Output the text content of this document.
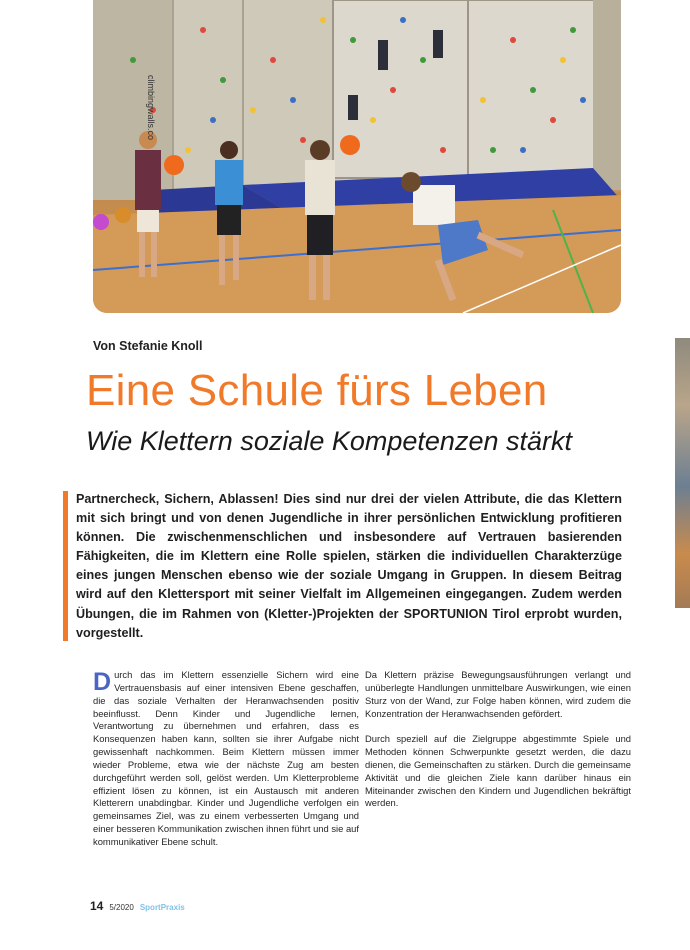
climbingwalls.co
Von Stefanie Knoll
Eine Schule fürs Leben
Wie Klettern soziale Kompetenzen stärkt

Partnercheck, Sichern, Ablassen! Dies sind nur drei der vielen Attribute, die das Klettern mit sich bringt und von denen Jugendliche in ihrer persönlichen Entwicklung profitieren können. Die zwischenmenschlichen und insbesondere auf Vertrauen basierenden Fähigkeiten, die im Klettern eine Rolle spielen, stärken die individuellen Charakterzüge eines jungen Menschen ebenso wie der soziale Umgang in Gruppen. In diesem Beitrag wird auf den Klettersport mit seiner Vielfalt im Allgemeinen eingegangen. Zudem werden Übungen, die im Rahmen von (Kletter-)Projekten der SPORTUNION Tirol erprobt wurden, vorgestellt.

Durch das im Klettern essenzielle Sichern wird eine Vertrauensbasis auf einer intensiven Ebene geschaffen, die das soziale Verhalten der Heranwachsenden positiv beeinflusst. Denn Kinder und Jugendliche lernen, Verantwortung zu übernehmen und erfahren, dass es Konsequenzen haben kann, sollten sie ihrer Aufgabe nicht gewissenhaft nachkommen. Beim Klettern müssen immer wieder Probleme, etwa wie der nächste Zug am besten durchgeführt werden soll, gelöst werden. Um Kletterprobleme effizient lösen zu können, ist ein Austausch mit anderen Kletterern unabdingbar. Kinder und Jugendliche verfolgen ein gemeinsames Ziel, was zu einem verbesserten Umgang und einer besseren Kommunikation zwischen ihnen führt und sie auf kommunikativer Ebene schult.

Da Klettern präzise Bewegungsausführungen verlangt und unüberlegte Handlungen unmittelbare Auswirkungen, wie einen Sturz von der Wand, zur Folge haben können, wird zudem die Konzentration der Heranwachsenden gefördert.

Durch speziell auf die Zielgruppe abgestimmte Spiele und Methoden können Schwerpunkte gesetzt werden, die dazu dienen, die Gemeinschaften zu stärken. Durch die gemeinsame Aktivität und die gleichen Ziele kann darüber hinaus ein Miteinander zwischen den Kindern und Jugendlichen bekräftigt werden.

14 5/2020 SportPraxis
